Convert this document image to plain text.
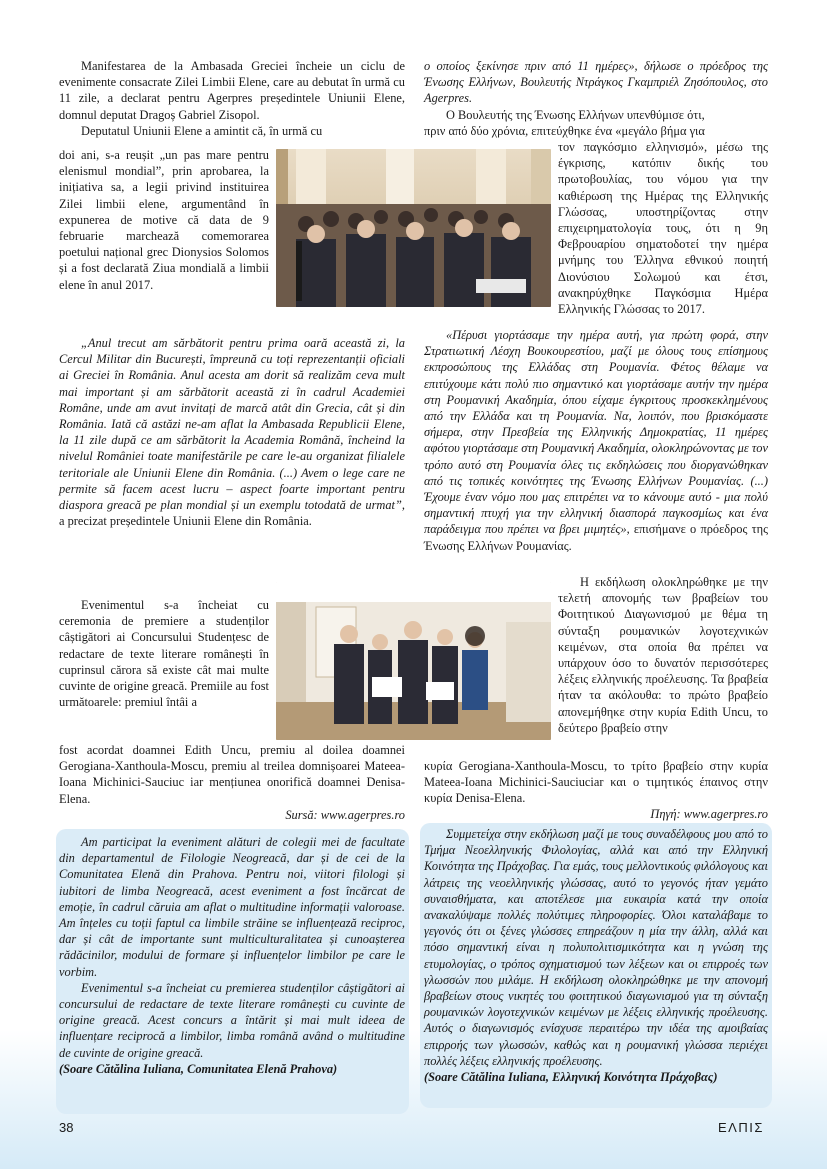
Manifestarea de la Ambasada Greciei încheie un ciclu de evenimente consacrate Zilei Limbii Elene, care au debutat în urmă cu 11 zile, a declarat pentru Agerpres președintele Uniunii Elene, domnul deputat Dragoș Gabriel Zisopol.

Deputatul Uniunii Elene a amintit că, în urmă cu

doi ani, s-a reușit „un pas mare pentru elenismul mondial”, prin aprobarea, la inițiativa sa, a legii privind instituirea Zilei limbii elene, argumentând în expunerea de motive că data de 9 februarie marchează comemorarea poetului național grec Dionysios Solomos și a fost declarată Ziua mondială a limbii elene în anul 2017.

„Anul trecut am sărbătorit pentru prima oară această zi, la Cercul Militar din București, împreună cu toți reprezentanții oficiali ai Greciei în România. Anul acesta am dorit să realizăm ceva mult mai important și am sărbătorit această zi în cadrul Academiei Române, unde am avut invitați de marcă atât din Grecia, cât și din România. Iată că astăzi ne-am aflat la Ambasada Republicii Elene, la 11 zile după ce am sărbătorit la Academia Română, încheind la nivelul României toate manifestările pe care le-au organizat filialele teritoriale ale Uniunii Elene din România. (...) Avem o lege care ne permite să facem acest lucru – aspect foarte important pentru diaspora greacă pe plan mondial și un exemplu totodată de urmat”, a precizat președintele Uniunii Elene din România.

Evenimentul s-a încheiat cu ceremonia de premiere a studenților câștigători ai Concursului Studențesc de redactare de texte literare românești în cuprinsul cărora să existe cât mai multe cuvinte de origine greacă. Premiile au fost următoarele: premiul întâi a
fost acordat doamnei Edith Uncu, premiu al doilea doamnei Gerogiana-Xanthoula-Moscu, premiu al treilea domnișoarei Mateea-Ioana Michinici-Sauciuc iar mențiunea onorifică doamnei Denisa-Elena.
Sursă: www.agerpres.ro

ο οποίος ξεκίνησε πριν από 11 ημέρες», δήλωσε ο πρόεδρος της Ένωσης Ελλήνων, Βουλευτής Ντράγκος Γκαμπριέλ Ζησόπουλος, στο Agerpres.

Ο Βουλευτής της Ένωσης Ελλήνων υπενθύμισε ότι,

πριν από δύο χρόνια, επιτεύχθηκε ένα «μεγάλο βήμα για

τον παγκόσμιο ελληνισμό», μέσω της έγκρισης, κατόπιν δικής του πρωτοβουλίας, του νόμου για την καθιέρωση της Ημέρας της Ελληνικής Γλώσσας, υποστηρίζοντας στην επιχειρηματολογία τους, ότι η 9η Φεβρουαρίου σηματοδοτεί την ημέρα μνήμης του Έλληνα εθνικού ποιητή Διονύσιου Σολωμού και έτσι, ανακηρύχθηκε Παγκόσμια Ημέρα Ελληνικής Γλώσσας το 2017.

«Πέρυσι γιορτάσαμε την ημέρα αυτή, για πρώτη φορά, στην Στρατιωτική Λέσχη Βουκουρεστίου, μαζί με όλους τους επίσημους εκπροσώπους της Ελλάδας στη Ρουμανία. Φέτος θέλαμε να επιτύχουμε κάτι πολύ πιο σημαντικό και γιορτάσαμε αυτήν την ημέρα στη Ρουμανική Ακαδημία, όπου είχαμε έγκριτους προσκεκλημένους από την Ελλάδα και τη Ρουμανία. Να, λοιπόν, που βρισκόμαστε σήμερα, στην Πρεσβεία της Ελληνικής Δημοκρατίας, 11 ημέρες αφότου γιορτάσαμε στη Ρουμανική Ακαδημία, ολοκληρώνοντας με τον τρόπο αυτό στη Ρουμανία όλες τις εκδηλώσεις που διοργανώθηκαν από τις τοπικές κοινότητες της Ένωσης Ελλήνων Ρουμανίας. (...) Έχουμε έναν νόμο που μας επιτρέπει να το κάνουμε αυτό - μια πολύ σημαντική πτυχή για την ελληνική διασπορά παγκοσμίως και ένα παράδειγμα που πρέπει να βρει μιμητές», επισήμανε ο πρόεδρος της Ένωσης Ελλήνων Ρουμανίας.

Η εκδήλωση ολοκληρώθηκε με την τελετή απονομής των βραβείων του Φοιτητικού Διαγωνισμού με θέμα τη σύνταξη ρουμανικών λογοτεχνικών κειμένων, στα οποία θα πρέπει να υπάρχουν όσο το δυνατόν περισσότερες λέξεις ελληνικής προέλευσης. Τα βραβεία ήταν τα ακόλουθα: το πρώτο βραβείο απονεμήθηκε στην κυρία Edith Uncu, το δεύτερο βραβείο στην
κυρία Gerogiana-Xanthoula-Moscu, το τρίτο βραβείο στην κυρία Mateea-Ioana Michinici-Sauciuciar και ο τιμητικός έπαινος στην κυρία Denisa-Elena.
Πηγή: www.agerpres.ro

Am participat la eveniment alături de colegii mei de facultate din departamentul de Filologie Neogreacă, dar și de cei de la Comunitatea Elenă din Prahova. Pentru noi, viitori filologi și iubitori de limba Neogreacă, acest eveniment a fost încărcat de emoție, în cadrul căruia am aflat o multitudine informații valoroase. Am înțeles cu toții faptul ca limbile străine se influențează reciproc, dar și cât de importante sunt multiculturalitatea și cunoașterea rădăcinilor, modului de formare și influențelor limbilor pe care le vorbim.

Evenimentul s-a încheiat cu premierea studenților câștigători ai concursului de redactare de texte literare românești cu cuvinte de origine greacă. Acest concurs a întărit și mai mult ideea de influențare reciprocă a limbilor, limba română având o multitudine de cuvinte de origine greacă.

(Soare Cătălina Iuliana, Comunitatea Elenă Prahova)

Συμμετείχα στην εκδήλωση μαζί με τους συναδέλφους μου από το Τμήμα Νεοελληνικής Φιλολογίας, αλλά και από την Ελληνική Κοινότητα της Πράχοβας. Για εμάς, τους μελλοντικούς φιλόλογους και λάτρεις της νεοελληνικής γλώσσας, αυτό το γεγονός ήταν γεμάτο συναισθήματα, και αποτέλεσε μια ευκαιρία κατά την οποία ανακαλύψαμε πολλές πολύτιμες πληροφορίες. Όλοι καταλάβαμε το γεγονός ότι οι ξένες γλώσσες επηρεάζουν η μία την άλλη, αλλά και πόσο σημαντική είναι η πολυπολιτισμικότητα και η γνώση της ετυμολογίας, ο τρόπος σχηματισμού των λέξεων και οι επιρροές των γλωσσών που μιλάμε. Η εκδήλωση ολοκληρώθηκε με την απονομή βραβείων στους νικητές του φοιτητικού διαγωνισμού για τη σύνταξη ρουμανικών λογοτεχνικών κειμένων με λέξεις ελληνικής προέλευσης. Αυτός ο διαγωνισμός ενίσχυσε περαιτέρω την ιδέα της αμοιβαίας επιρροής των γλωσσών, καθώς και η ρουμανική γλώσσα περιέχει πολλές λέξεις ελληνικής προέλευσης.

(Soare Cătălina Iuliana, Ελληνική Κοινότητα Πράχοβας)

38	ΕΛΠΙΣ
